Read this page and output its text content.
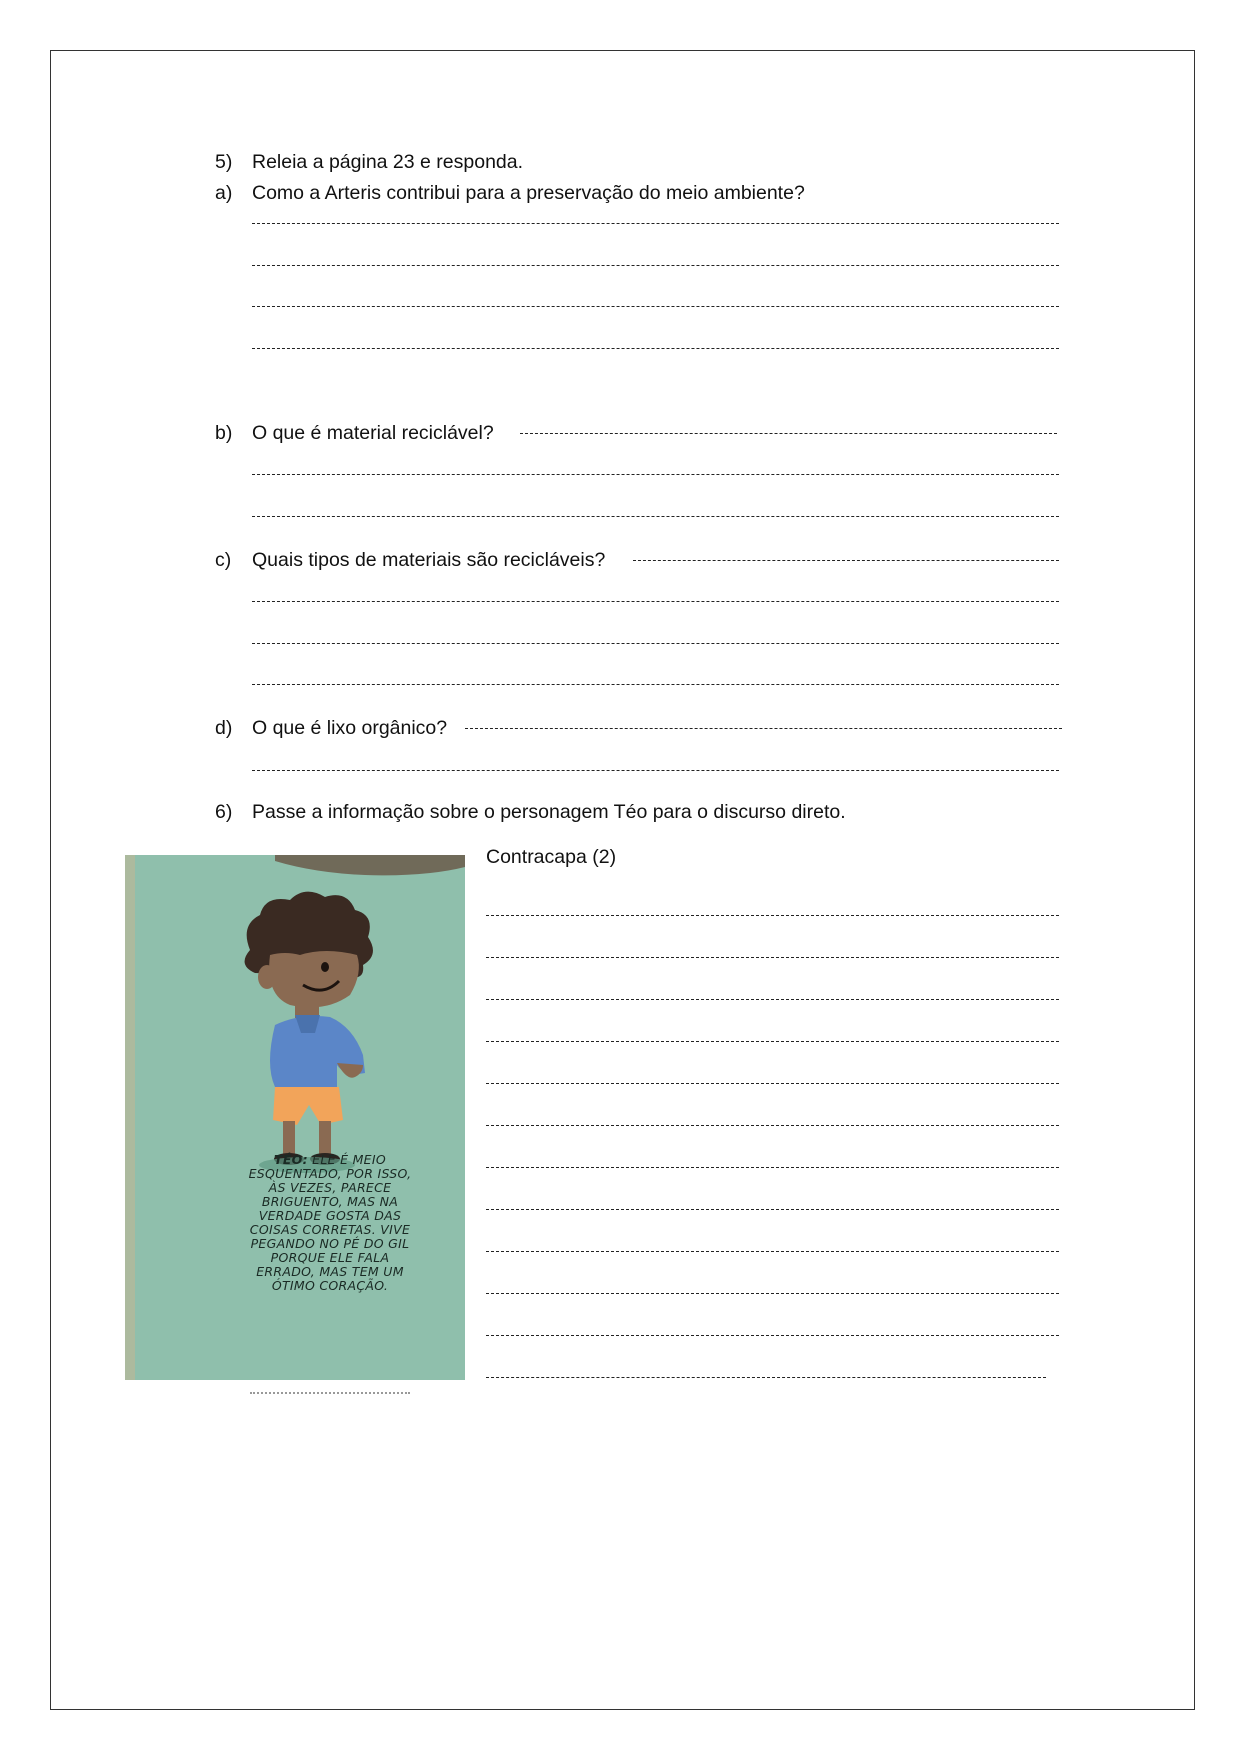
5) Releia a página 23 e responda.
a) Como a Arteris contribui para a preservação do meio ambiente?
b) O que é material reciclável?
c) Quais tipos de materiais são recicláveis?
d) O que é lixo orgânico?
6) Passe a informação sobre o personagem Téo para o discurso direto.
TÉO: ELE É MEIO ESQUENTADO, POR ISSO, ÀS VEZES, PARECE BRIGUENTO, MAS NA VERDADE GOSTA DAS COISAS CORRETAS. VIVE PEGANDO NO PÉ DO GIL PORQUE ELE FALA ERRADO, MAS TEM UM ÓTIMO CORAÇÃO.
Contracapa (2)
